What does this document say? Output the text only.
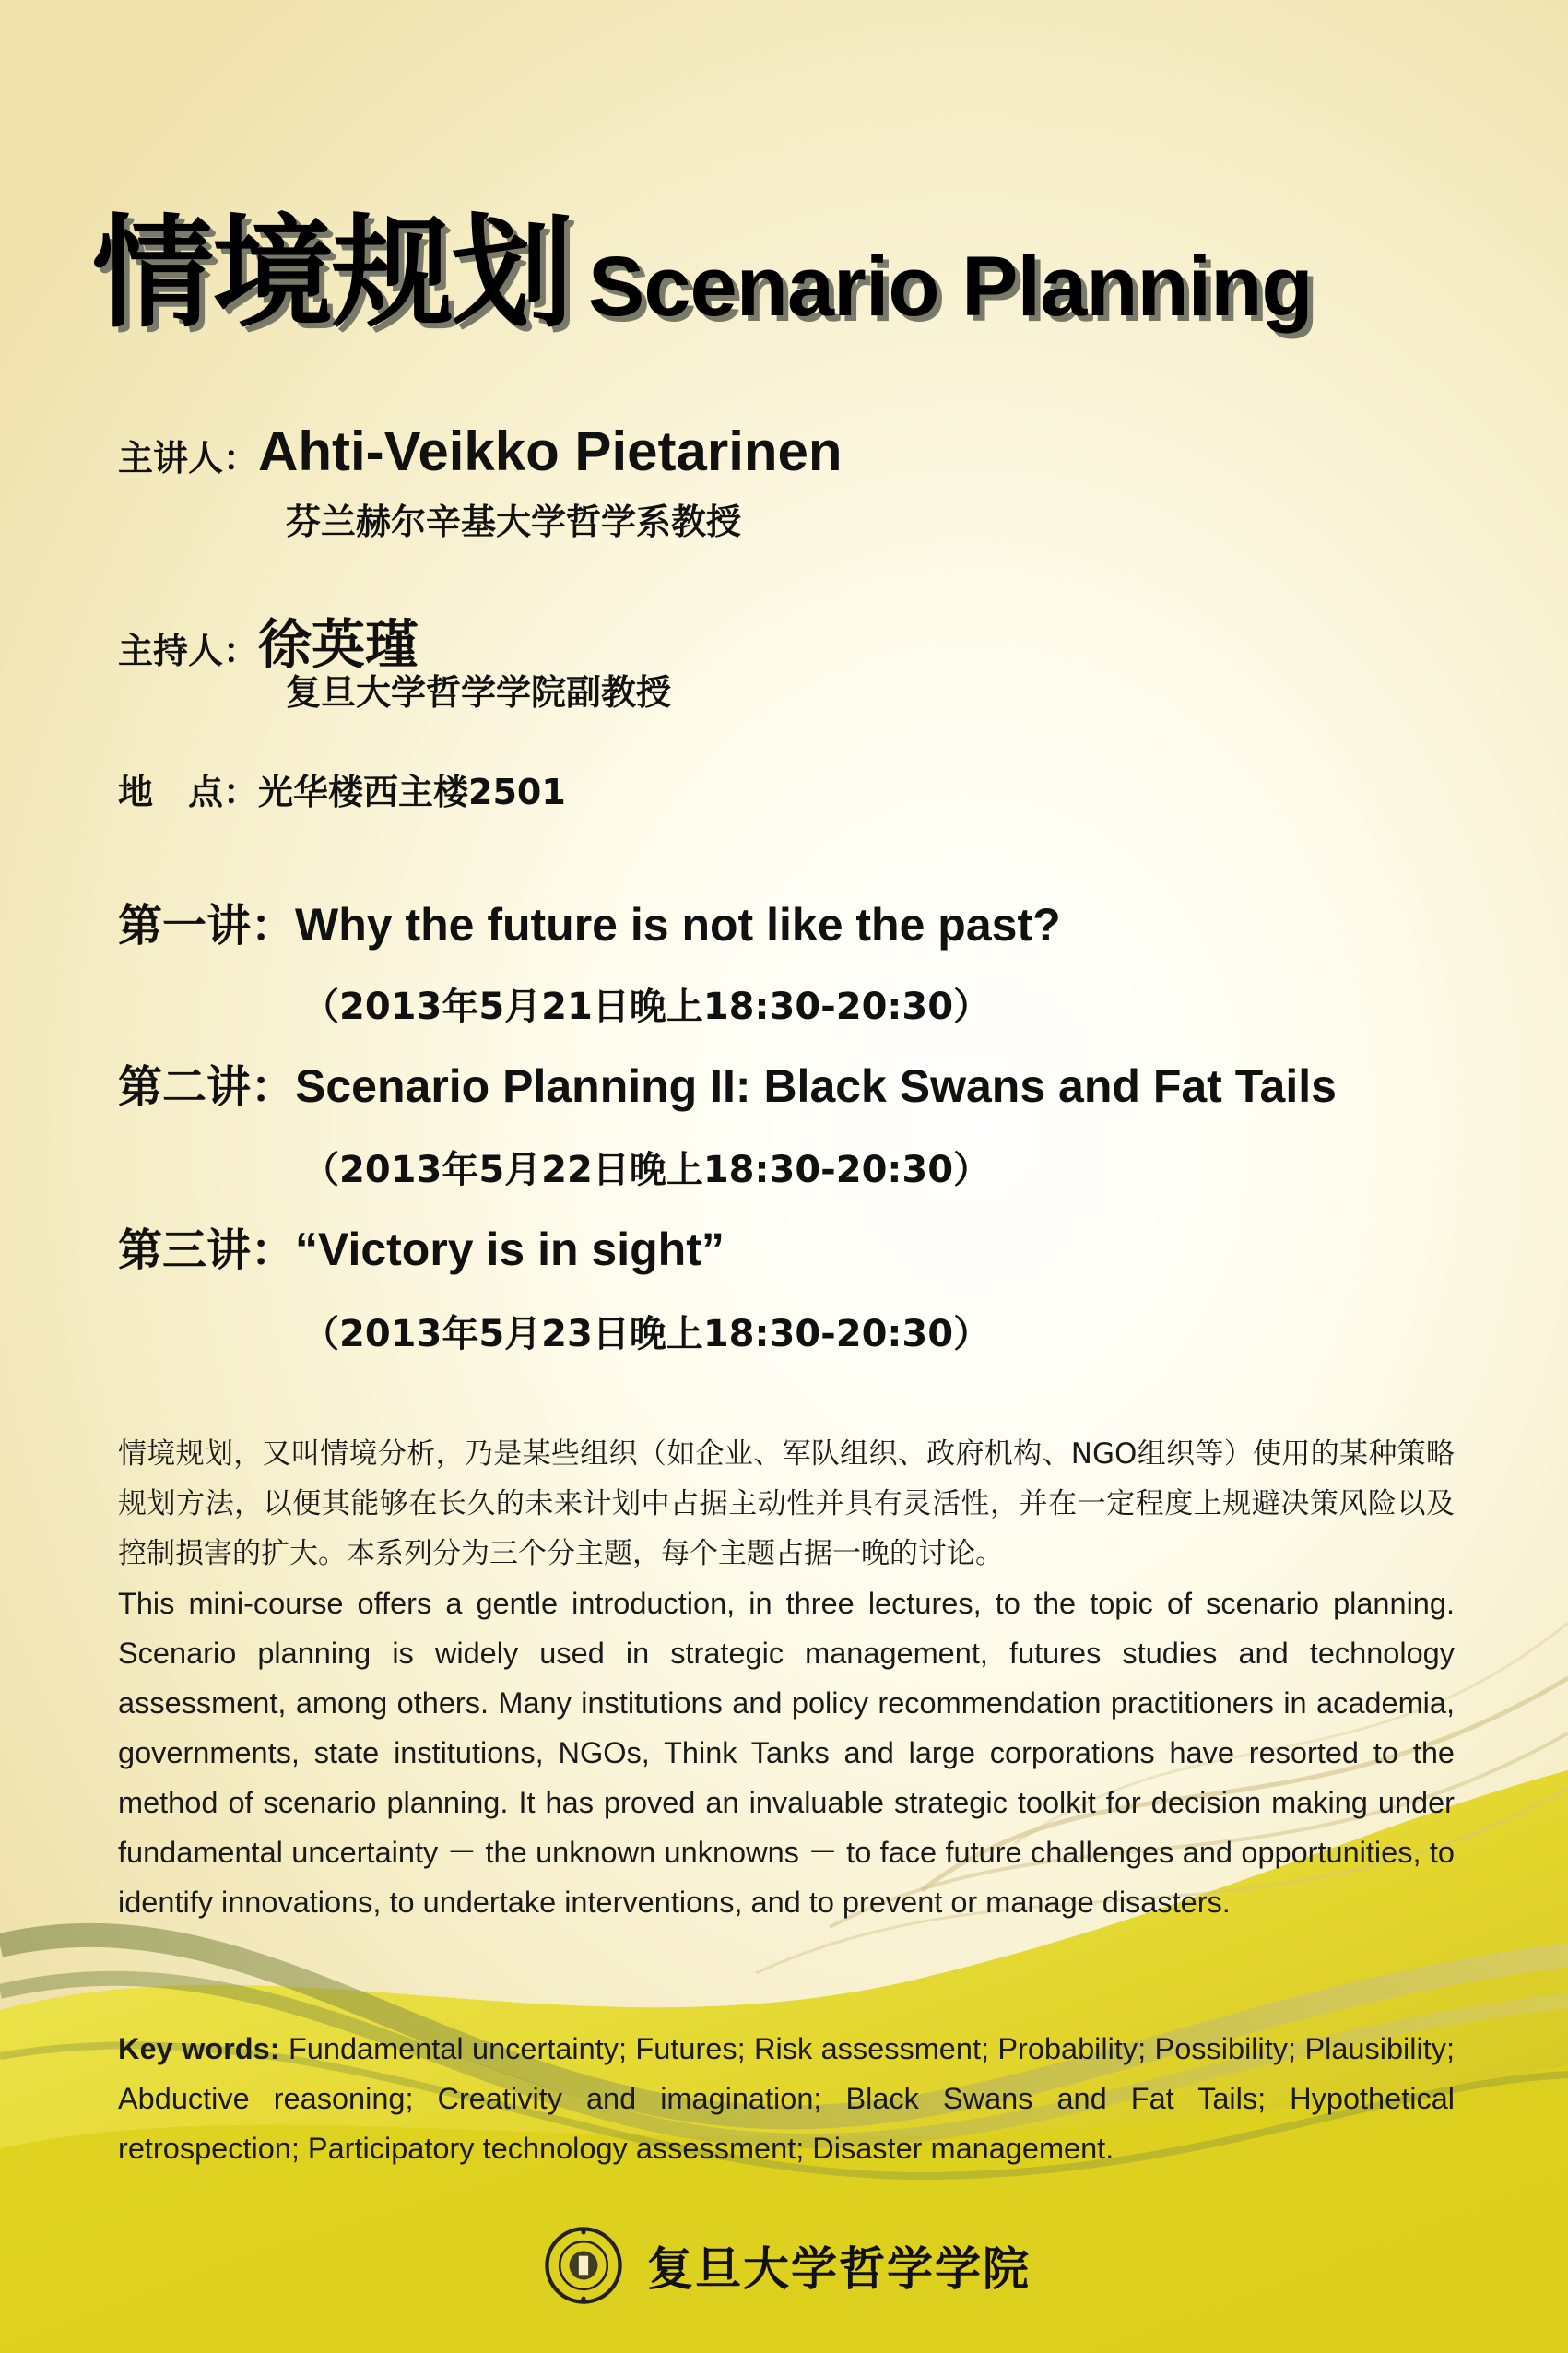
情境规划 Scenario Planning
主讲人：Ahti-Veikko Pietarinen
芬兰赫尔辛基大学哲学系教授
主持人：徐英瑾
复旦大学哲学学院副教授
地　点：光华楼西主楼2501
第一讲：Why the future is not like the past?
（2013年5月21日晚上18:30-20:30）
第二讲：Scenario Planning II: Black Swans and Fat Tails
（2013年5月22日晚上18:30-20:30）
第三讲：“Victory is in sight”
（2013年5月23日晚上18:30-20:30）

情境规划，又叫情境分析，乃是某些组织（如企业、军队组织、政府机构、NGO组织等）使用的某种策略规划方法，以便其能够在长久的未来计划中占据主动性并具有灵活性，并在一定程度上规避决策风险以及控制损害的扩大。本系列分为三个分主题，每个主题占据一晚的讨论。

This mini-course offers a gentle introduction, in three lectures, to the topic of scenario planning. Scenario planning is widely used in strategic management, futures studies and technology assessment, among others. Many institutions and policy recommendation practitioners in academia, governments, state institutions, NGOs, Think Tanks and large corporations have resorted to the method of scenario planning. It has proved an invaluable strategic toolkit for decision making under fundamental uncertainty － the unknown unknowns － to face future challenges and opportunities, to identify innovations, to undertake interventions, and to prevent or manage disasters.

Key words: Fundamental uncertainty; Futures; Risk assessment; Probability; Possibility; Plausibility; Abductive reasoning; Creativity and imagination; Black Swans and Fat Tails; Hypothetical retrospection; Participatory technology assessment; Disaster management.
复旦大学哲学学院
